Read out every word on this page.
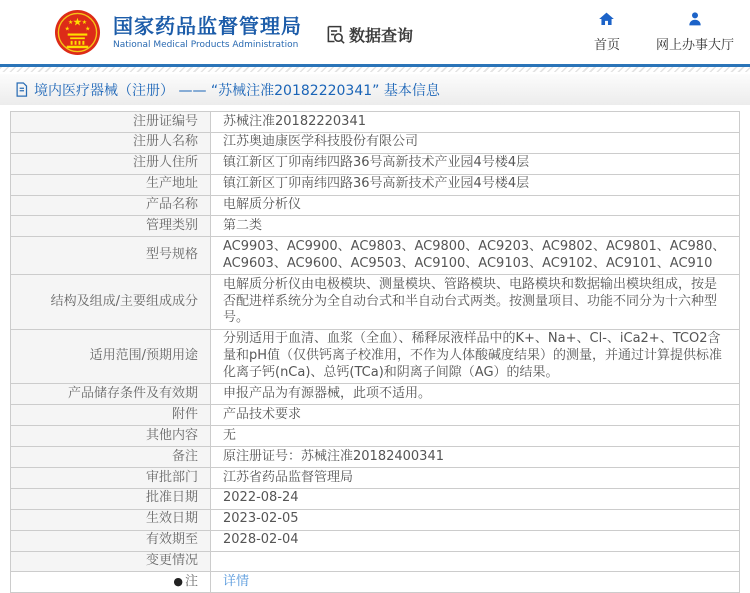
★
★	★
★ ★ 国家药品监督管理局
National Medical Products Administration	数据查询
首页	网上办事大厅
境内医疗器械（注册） —— “苏械注准20182220341” 基本信息
注册证编号	苏械注准20182220341
注册人名称	江苏奥迪康医学科技股份有限公司
注册人住所	镇江新区丁卯南纬四路36号高新技术产业园4号楼4层
生产地址	镇江新区丁卯南纬四路36号高新技术产业园4号楼4层
产品名称	电解质分析仪
管理类别	第二类
型号规格	AC9903、AC9900、AC9803、AC9800、AC9203、AC9802、AC9801、AC980、AC9603、AC9600、AC9503、AC9100、AC9103、AC9102、AC9101、AC910
结构及组成/主要组成成分	电解质分析仪由电极模块、测量模块、管路模块、电路模块和数据输出模块组成，按是否配进样系统分为全自动台式和半自动台式两类。按测量项目、功能不同分为十六种型号。
适用范围/预期用途	分别适用于血清、血浆（全血）、稀释尿液样品中的K+、Na+、Cl-、iCa2+、TCO2含量和pH值（仅供钙离子校准用，不作为人体酸碱度结果）的测量，并通过计算提供标准化离子钙(nCa)、总钙(TCa)和阴离子间隙（AG）的结果。
产品储存条件及有效期	申报产品为有源器械，此项不适用。
附件	产品技术要求
其他内容	无
备注	原注册证号：苏械注准20182400341
审批部门	江苏省药品监督管理局
批准日期	2022-08-24
生效日期	2023-02-05
有效期至	2028-02-04
变更情况	
● 注	详情
